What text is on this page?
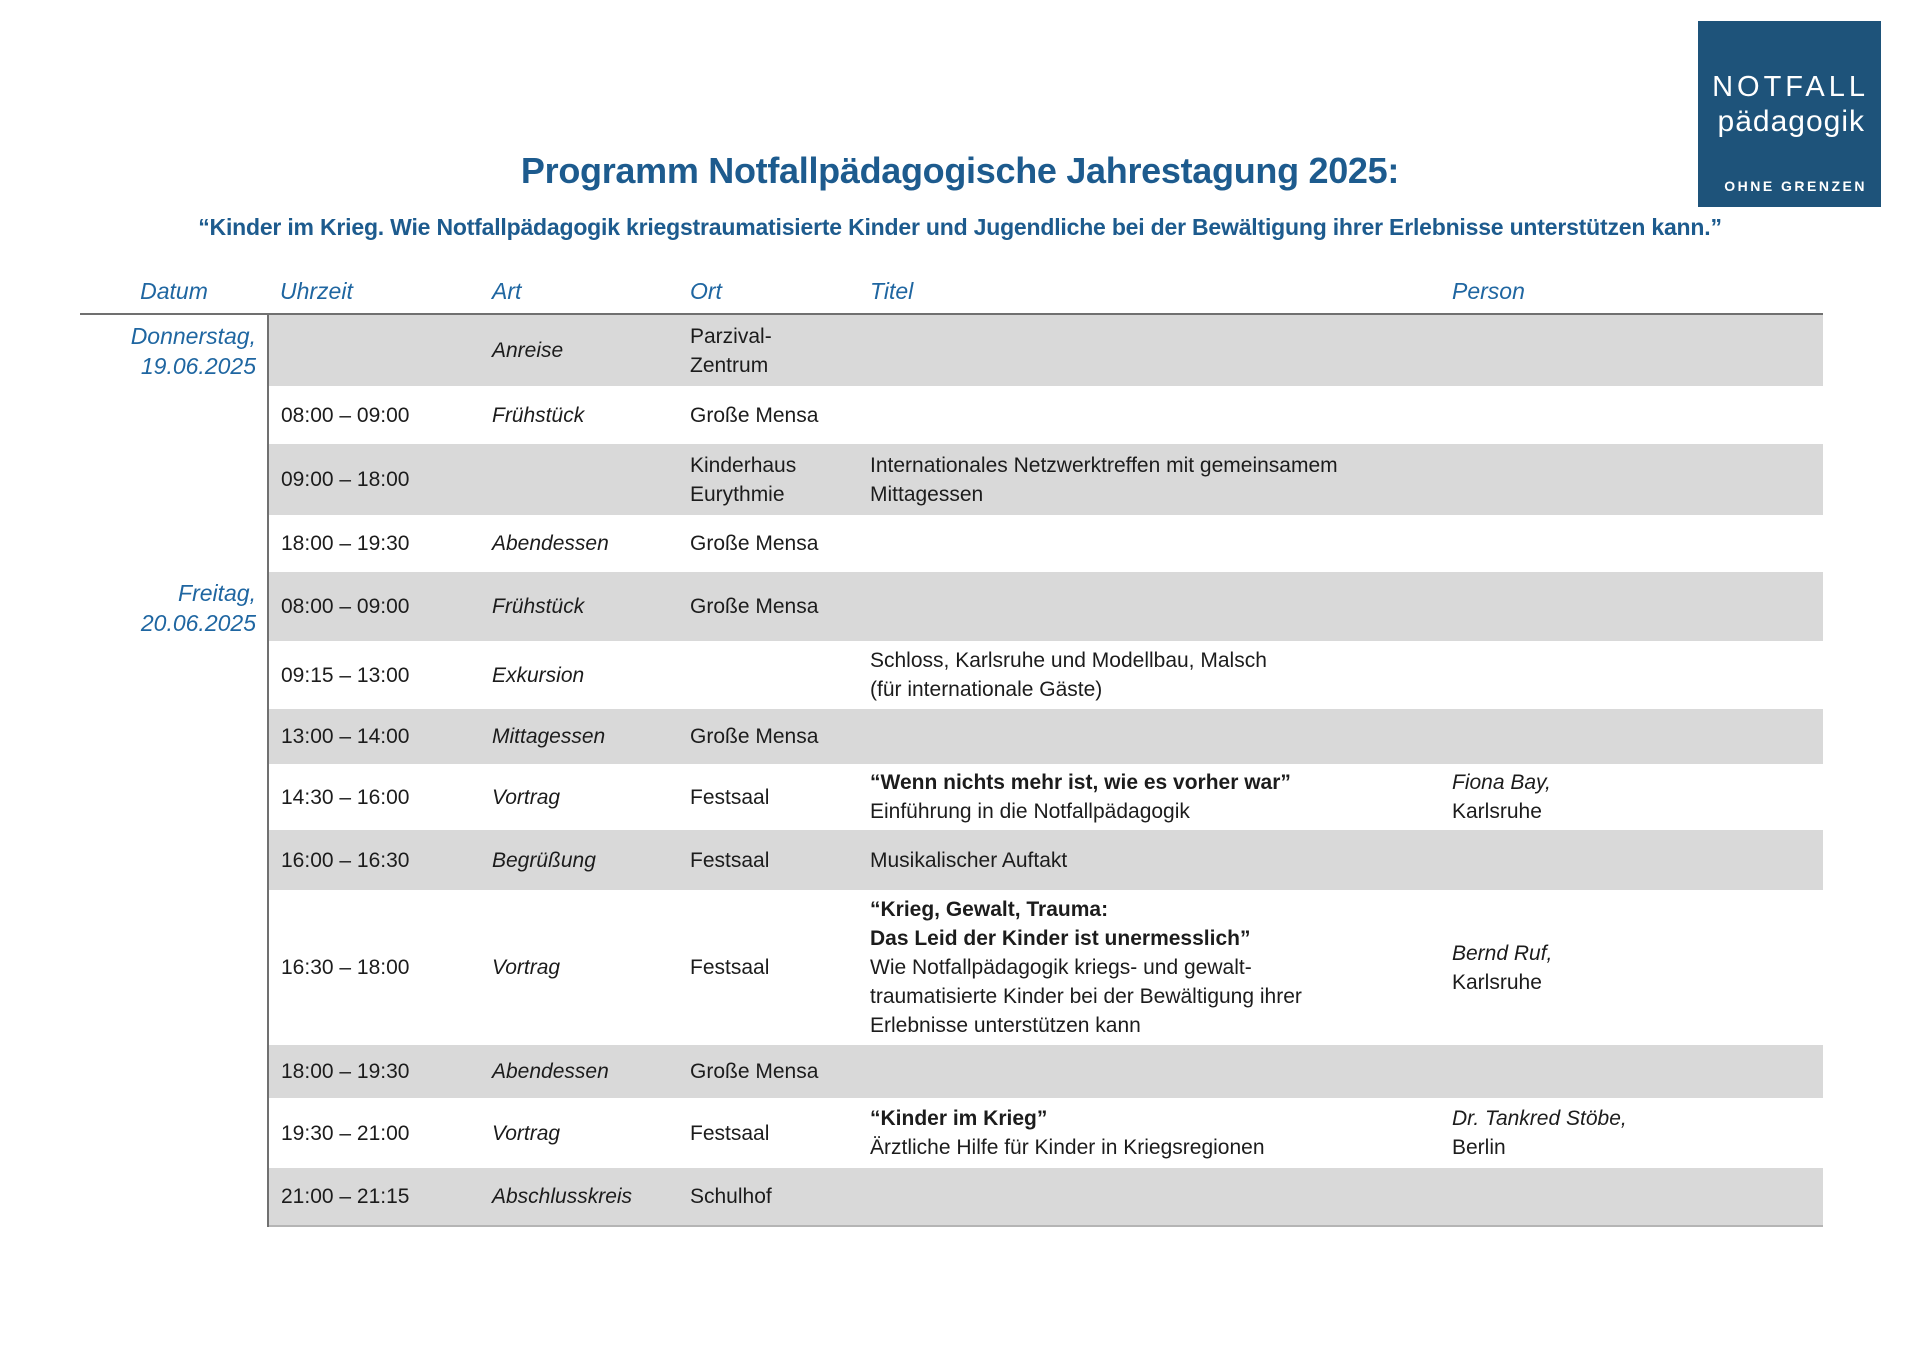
NOTFALL
pädagogik
OHNE GRENZEN
Programm Notfallpädagogische Jahrestagung 2025:
“Kinder im Krieg. Wie Notfallpädagogik kriegstraumatisierte Kinder und Jugendliche bei der Bewältigung ihrer Erlebnisse unterstützen kann.”
Datum	Uhrzeit	Art	Ort	Titel	Person
Donnerstag,
19.06.2025		Anreise	Parzival-
Zentrum		
	08:00 – 09:00	Frühstück	Große Mensa		
	09:00 – 18:00		Kinderhaus
Eurythmie	Internationales Netzwerktreffen mit gemeinsamem
Mittagessen	
	18:00 – 19:30	Abendessen	Große Mensa		
Freitag,
20.06.2025	08:00 – 09:00	Frühstück	Große Mensa		
	09:15 – 13:00	Exkursion		Schloss, Karlsruhe und Modellbau, Malsch
(für internationale Gäste)	
	13:00 – 14:00	Mittagessen	Große Mensa		
	14:30 – 16:00	Vortrag	Festsaal	“Wenn nichts mehr ist, wie es vorher war”
Einführung in die Notfallpädagogik	Fiona Bay,
Karlsruhe
	16:00 – 16:30	Begrüßung	Festsaal	Musikalischer Auftakt	
	16:30 – 18:00	Vortrag	Festsaal	“Krieg, Gewalt, Trauma:
Das Leid der Kinder ist unermesslich”
Wie Notfallpädagogik kriegs- und gewalt-
traumatisierte Kinder bei der Bewältigung ihrer
Erlebnisse unterstützen kann	Bernd Ruf,
Karlsruhe
	18:00 – 19:30	Abendessen	Große Mensa		
	19:30 – 21:00	Vortrag	Festsaal	“Kinder im Krieg”
Ärztliche Hilfe für Kinder in Kriegsregionen	Dr. Tankred Stöbe,
Berlin
	21:00 – 21:15	Abschlusskreis	Schulhof		
